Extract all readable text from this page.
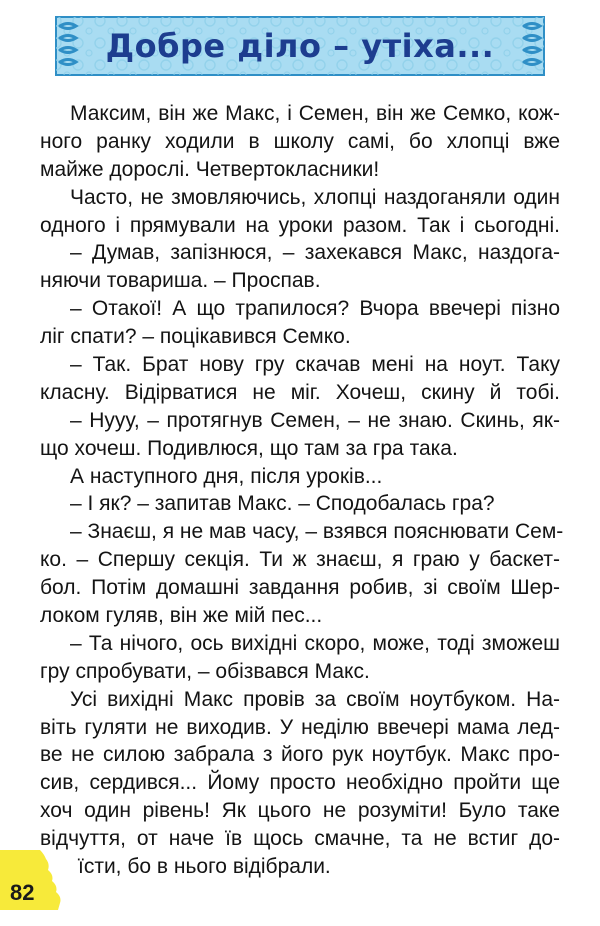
Добре діло – утіха...
Максим, він же Макс, і Семен, він же Семко, кож-
ного ранку ходили в школу самі, бо хлопці вже
майже дорослі. Четвертокласники!
Часто, не змовляючись, хлопці наздоганяли один
одного і прямували на уроки разом. Так і сьогодні.
– Думав, запізнюся, – захекався Макс, наздога-
няючи товариша. – Проспав.
– Отакої! А що трапилося? Вчора ввечері пізно
ліг спати? – поцікавився Семко.
– Так. Брат нову гру скачав мені на ноут. Таку
класну. Відірватися не міг. Хочеш, скину й тобі.
– Нууу, – протягнув Семен, – не знаю. Скинь, як-
що хочеш. Подивлюся, що там за гра така.
А наступного дня, після уроків...
– І як? – запитав Макс. – Сподобалась гра?
– Знаєш, я не мав часу, – взявся пояснювати Сем-
ко. – Спершу секція. Ти ж знаєш, я граю у баскет-
бол. Потім домашні завдання робив, зі своїм Шер-
локом гуляв, він же мій пес...
– Та нічого, ось вихідні скоро, може, тоді зможеш
гру спробувати, – обізвався Макс.
Усі вихідні Макс провів за своїм ноутбуком. На-
віть гуляти не виходив. У неділю ввечері мама лед-
ве не силою забрала з його рук ноутбук. Макс про-
сив, сердився... Йому просто необхідно пройти ще
хоч один рівень! Як цього не розуміти! Було таке
відчуття, от наче їв щось смачне, та не встиг до-
їсти, бо в нього відібрали.
82
